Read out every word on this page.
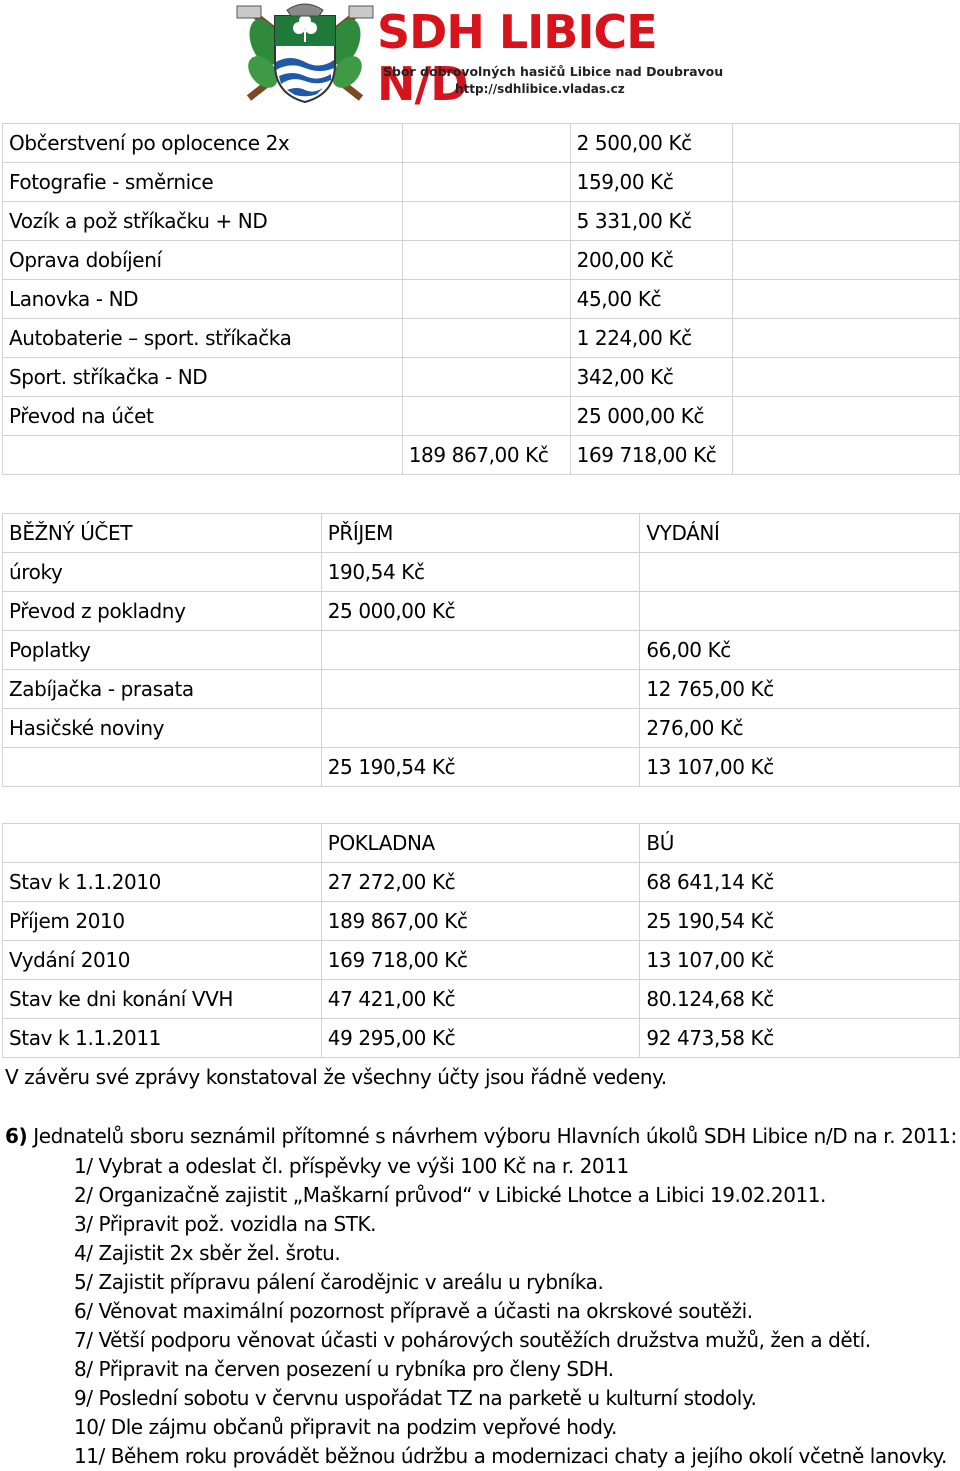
SDH LIBICE N/D
Sbor dobrovolných hasičů Libice nad Doubravou
http://sdhlibice.vladas.cz
Občerstvení po oplocence 2x		2 500,00 Kč	
Fotografie - směrnice		159,00 Kč	
Vozík a pož stříkačku + ND		5 331,00 Kč	
Oprava dobíjení		200,00 Kč	
Lanovka - ND		45,00 Kč	
Autobaterie – sport. stříkačka		1 224,00 Kč	
Sport. stříkačka - ND		342,00 Kč	
Převod na účet		25 000,00 Kč	
	189 867,00 Kč	169 718,00 Kč	
BĚŽNÝ ÚČET	PŘÍJEM	VYDÁNÍ
úroky	190,54 Kč	
Převod z pokladny	25 000,00 Kč	
Poplatky		66,00 Kč
Zabíjačka - prasata		12 765,00 Kč
Hasičské noviny		276,00 Kč
	25 190,54 Kč	13 107,00 Kč
	POKLADNA	BÚ
Stav k 1.1.2010	27 272,00 Kč	68 641,14 Kč
Příjem 2010	189 867,00 Kč	25 190,54 Kč
Vydání 2010	169 718,00 Kč	13 107,00 Kč
Stav ke dni konání VVH	47 421,00 Kč	80.124,68 Kč
Stav k 1.1.2011	49 295,00 Kč	92 473,58 Kč
V závěru své zprávy konstatoval že všechny účty jsou řádně vedeny.
6) Jednatelů sboru seznámil přítomné s návrhem výboru Hlavních úkolů SDH Libice n/D na r. 2011:
1/ Vybrat a odeslat čl. příspěvky ve výši 100 Kč na r. 2011
2/ Organizačně zajistit „Maškarní průvod“ v Libické Lhotce a Libici 19.02.2011.
3/ Připravit pož. vozidla na STK.
4/ Zajistit 2x sběr žel. šrotu.
5/ Zajistit přípravu pálení čarodějnic v areálu u rybníka.
6/ Věnovat maximální pozornost přípravě a účasti na okrskové soutěži.
7/ Větší podporu věnovat účasti v pohárových soutěžích družstva mužů, žen a dětí.
8/ Připravit na červen posezení u rybníka pro členy SDH.
9/ Poslední sobotu v červnu uspořádat TZ na parketě u kulturní stodoly.
10/ Dle zájmu občanů připravit na podzim vepřové hody.
11/ Během roku provádět běžnou údržbu a modernizaci chaty a jejího okolí včetně lanovky.
